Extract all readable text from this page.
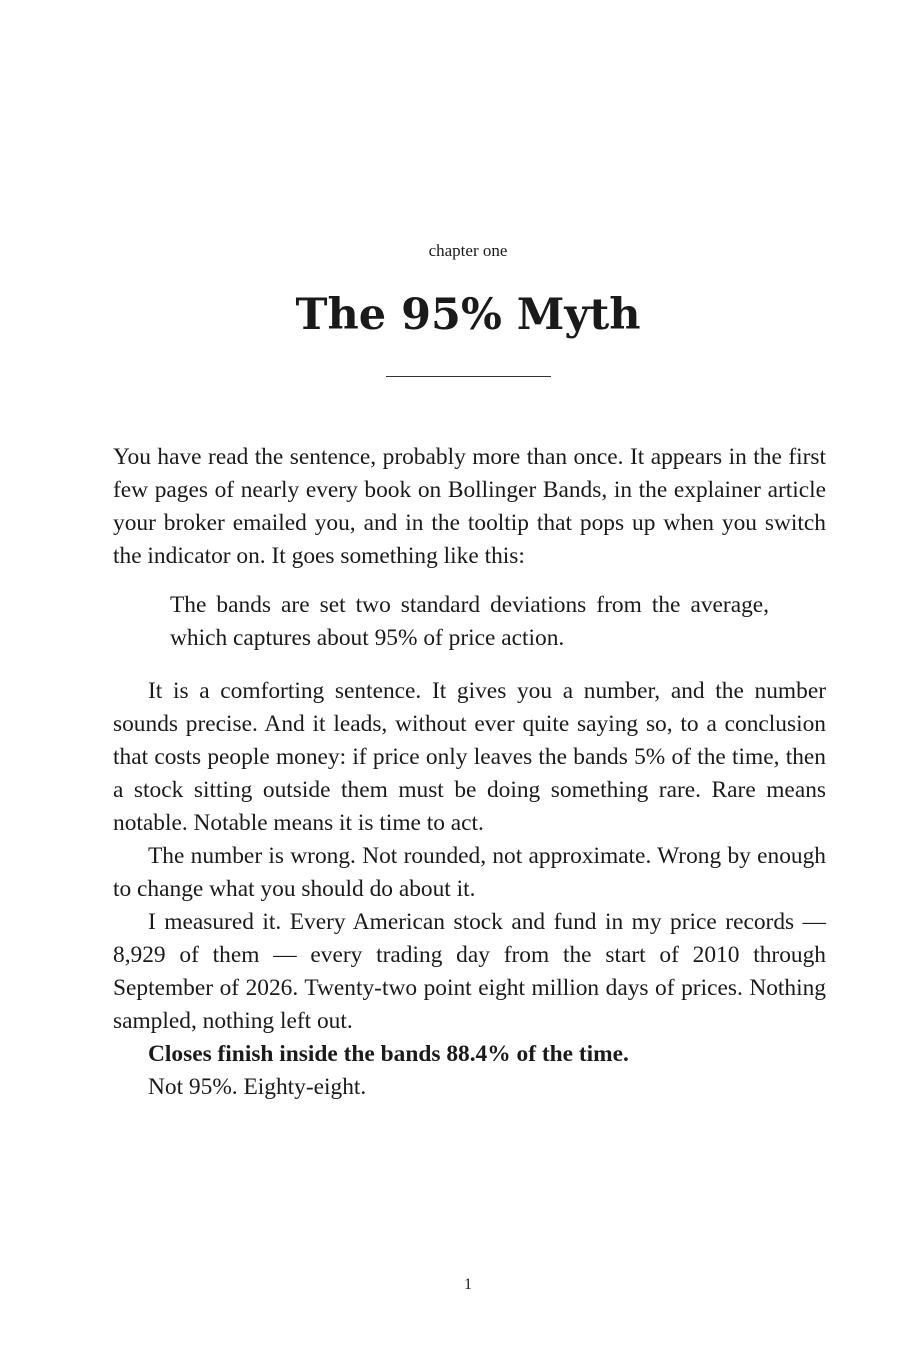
chapter one
The 95% Myth

You have read the sentence, probably more than once. It appears in the first few pages of nearly every book on Bollinger Bands, in the explainer article your broker emailed you, and in the tooltip that pops up when you switch the indicator on. It goes something like this:

The bands are set two standard deviations from the average, which captures about 95% of price action.

It is a comforting sentence. It gives you a number, and the number sounds precise. And it leads, without ever quite saying so, to a conclusion that costs people money: if price only leaves the bands 5% of the time, then a stock sitting outside them must be doing something rare. Rare means notable. Notable means it is time to act.

The number is wrong. Not rounded, not approximate. Wrong by enough to change what you should do about it.

I measured it. Every American stock and fund in my price records — 8,929 of them — every trading day from the start of 2010 through September of 2026. Twenty-two point eight million days of prices. Nothing sampled, nothing left out.

Closes finish inside the bands 88.4% of the time.

Not 95%. Eighty-eight.

1
